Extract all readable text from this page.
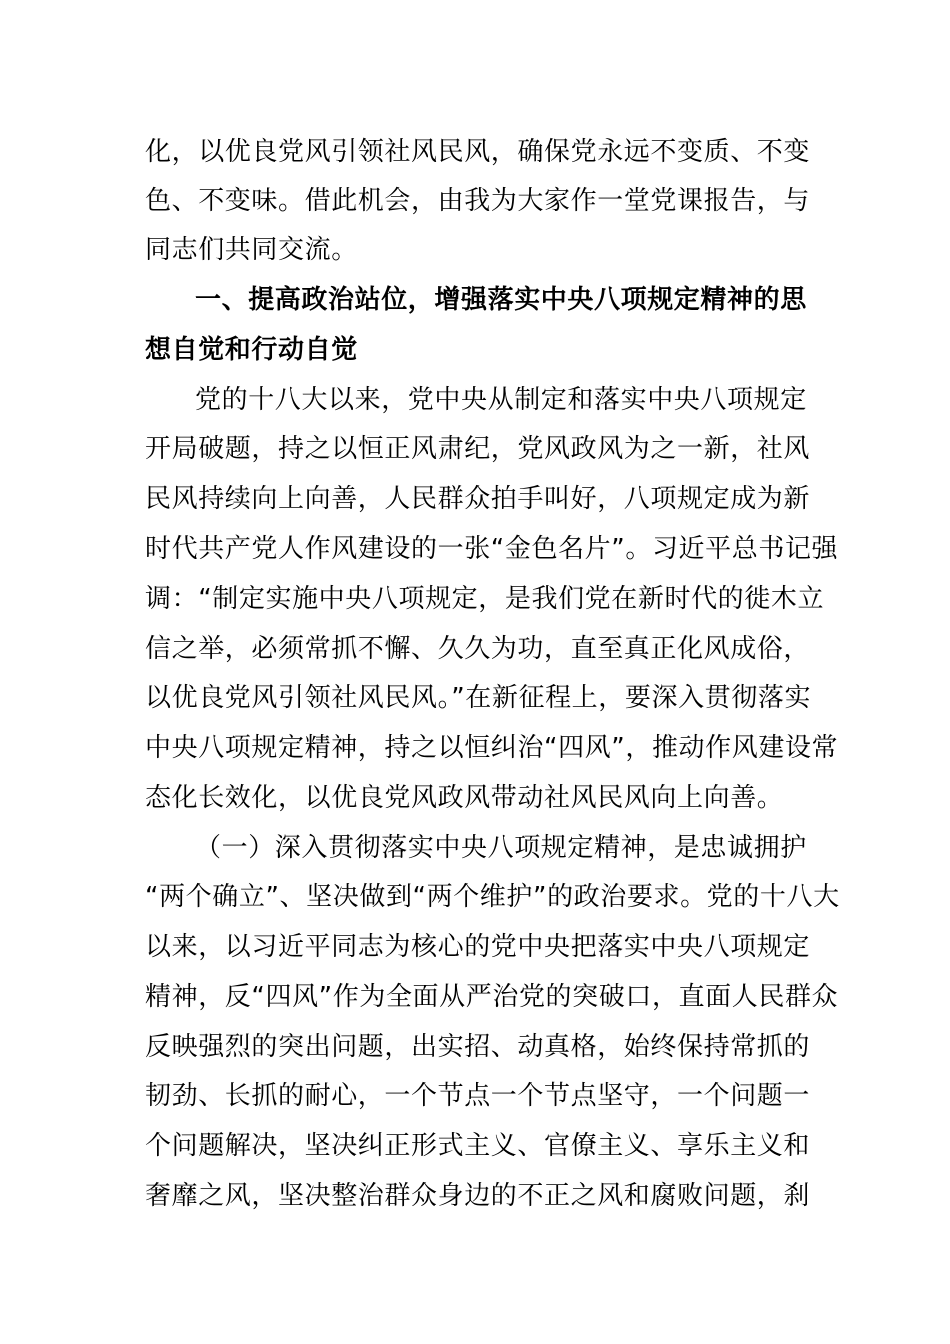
化，以优良党风引领社风民风，确保党永远不变质、不变
色、不变味。借此机会，由我为大家作一堂党课报告，与
同志们共同交流。
一、提高政治站位，增强落实中央八项规定精神的思
想自觉和行动自觉
党的十八大以来，党中央从制定和落实中央八项规定
开局破题，持之以恒正风肃纪，党风政风为之一新，社风
民风持续向上向善，人民群众拍手叫好，八项规定成为新
时代共产党人作风建设的一张“金色名片”。习近平总书记强
调：“制定实施中央八项规定，是我们党在新时代的徙木立
信之举，必须常抓不懈、久久为功，直至真正化风成俗，
以优良党风引领社风民风。”在新征程上，要深入贯彻落实
中央八项规定精神，持之以恒纠治“四风”，推动作风建设常
态化长效化，以优良党风政风带动社风民风向上向善。
（一）深入贯彻落实中央八项规定精神，是忠诚拥护
“两个确立”、坚决做到“两个维护”的政治要求。党的十八大
以来，以习近平同志为核心的党中央把落实中央八项规定
精神，反“四风”作为全面从严治党的突破口，直面人民群众
反映强烈的突出问题，出实招、动真格，始终保持常抓的
韧劲、长抓的耐心，一个节点一个节点坚守，一个问题一
个问题解决，坚决纠正形式主义、官僚主义、享乐主义和
奢靡之风，坚决整治群众身边的不正之风和腐败问题，刹
